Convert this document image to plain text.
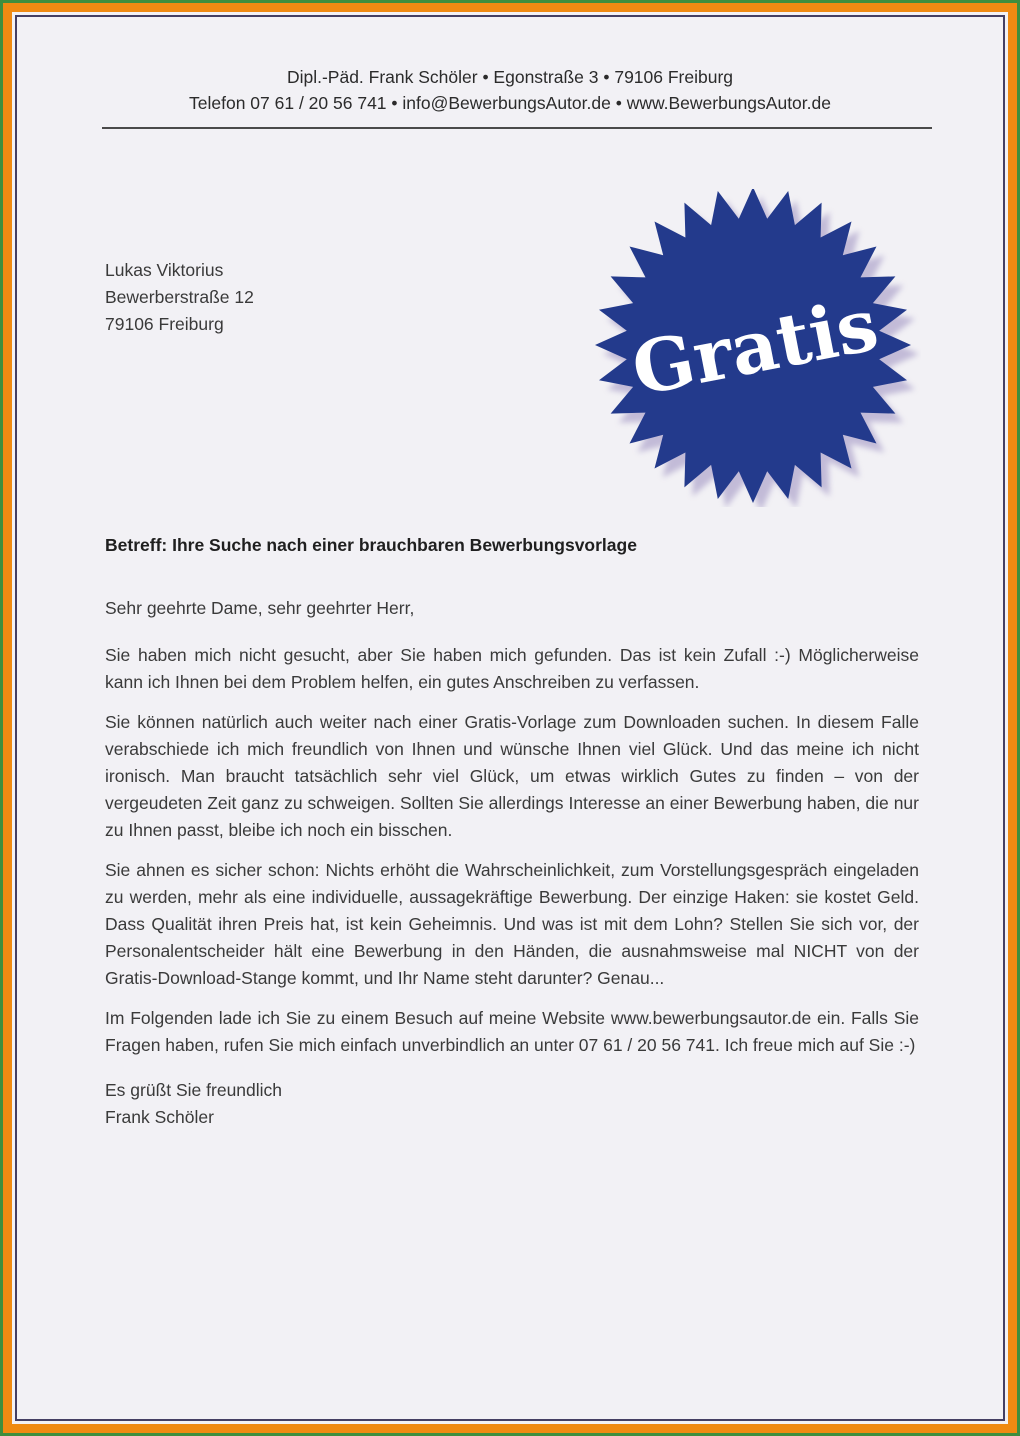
Dipl.-Päd. Frank Schöler • Egonstraße 3 • 79106 Freiburg
Telefon 07 61 / 20 56 741 • info@BewerbungsAutor.de • www.BewerbungsAutor.de
Lukas Viktorius
Bewerberstraße 12
79106 Freiburg	Gratis

Betreff: Ihre Suche nach einer brauchbaren Bewerbungsvorlage

Sehr geehrte Dame, sehr geehrter Herr,

Sie haben mich nicht gesucht, aber Sie haben mich gefunden. Das ist kein Zufall :-) Möglicherweise kann ich Ihnen bei dem Problem helfen, ein gutes Anschreiben zu verfassen.

Sie können natürlich auch weiter nach einer Gratis-Vorlage zum Downloaden suchen. In diesem Falle verabschiede ich mich freundlich von Ihnen und wünsche Ihnen viel Glück. Und das meine ich nicht ironisch. Man braucht tatsächlich sehr viel Glück, um etwas wirklich Gutes zu finden – von der vergeudeten Zeit ganz zu schweigen. Sollten Sie allerdings Interesse an einer Bewerbung haben, die nur zu Ihnen passt, bleibe ich noch ein bisschen.

Sie ahnen es sicher schon: Nichts erhöht die Wahrscheinlichkeit, zum Vorstellungsgespräch eingeladen zu werden, mehr als eine individuelle, aussagekräftige Bewerbung. Der einzige Haken: sie kostet Geld. Dass Qualität ihren Preis hat, ist kein Geheimnis. Und was ist mit dem Lohn? Stellen Sie sich vor, der Personalentscheider hält eine Bewerbung in den Händen, die ausnahmsweise mal NICHT von der Gratis-Download-Stange kommt, und Ihr Name steht darunter? Genau...

Im Folgenden lade ich Sie zu einem Besuch auf meine Website www.bewerbungsautor.de ein. Falls Sie Fragen haben, rufen Sie mich einfach unverbindlich an unter 07 61 / 20 56 741. Ich freue mich auf Sie :-)

Es grüßt Sie freundlich
Frank Schöler
